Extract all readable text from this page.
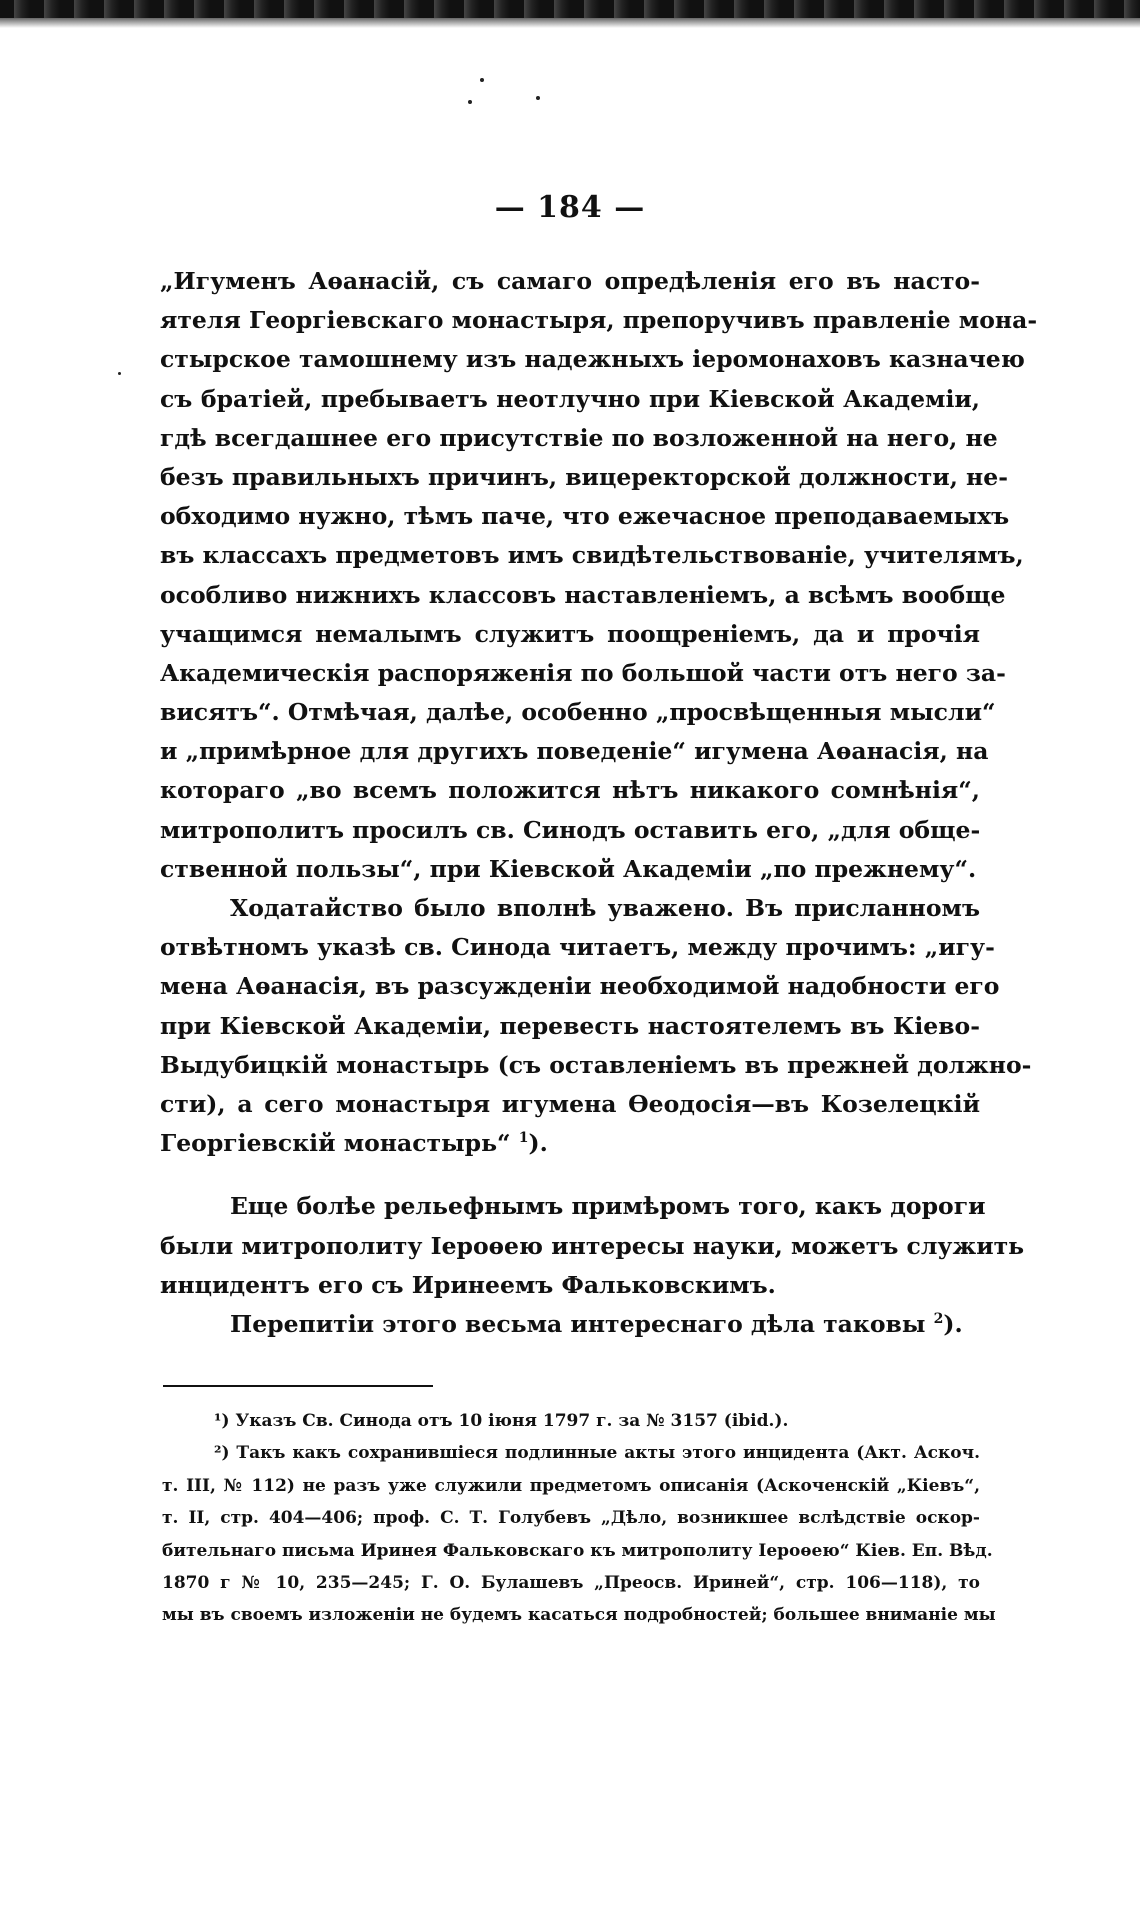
— 184 —
„Игуменъ Аѳанасій, съ самаго опредѣленія его въ насто-
ятеля Георгіевскаго монастыря, препоручивъ правленіе мона-
стырское тамошнему изъ надежныхъ іеромонаховъ казначею
съ братіей, пребываетъ неотлучно при Кіевской Академіи,
гдѣ всегдашнее его присутствіе по возложенной на него, не
безъ правильныхъ причинъ, вицеректорской должности, не-
обходимо нужно, тѣмъ паче, что ежечасное преподаваемыхъ
въ классахъ предметовъ имъ свидѣтельствованіе, учителямъ,
особливо нижнихъ классовъ наставленіемъ, а всѣмъ вообще
учащимся немалымъ служитъ поощреніемъ, да и прочія
Академическія распоряженія по большой части отъ него за-
висятъ“. Отмѣчая, далѣе, особенно „просвѣщенныя мысли“
и „примѣрное для другихъ поведеніе“ игумена Аѳанасія, на
котораго „во всемъ положится нѣтъ никакого сомнѣнія“,
митрополитъ просилъ св. Синодъ оставить его, „для обще-
ственной пользы“, при Кіевской Академіи „по прежнему“.
Ходатайство было вполнѣ уважено. Въ присланномъ
отвѣтномъ указѣ св. Синода читаетъ, между прочимъ: „игу-
мена Аѳанасія, въ разсужденіи необходимой надобности его
при Кіевской Академіи, перевесть настоятелемъ въ Кіево-
Выдубицкій монастырь (съ оставленіемъ въ прежней должно-
сти), а сего монастыря игумена Ѳеодосія—въ Козелецкій
Георгіевскій монастырь“ $^1$).
Еще болѣе рельефнымъ примѣромъ того, какъ дороги
были митрополиту Іероѳею интересы науки, можетъ служить
инцидентъ его съ Иринеемъ Фальковскимъ.
Перепитіи этого весьма интереснаго дѣла таковы $^2$).
¹) Указъ Св. Синода отъ 10 іюня 1797 г. за № 3157 (ibid.).
²) Такъ какъ сохранившіеся подлинные акты этого инцидента (Акт. Аскоч.
т. III, № 112) не разъ уже служили предметомъ описанія (Аскоченскій „Кіевъ“,
т. II, стр. 404—406; проф. С. Т. Голубевъ „Дѣло, возникшее вслѣдствіе оскор-
бительнаго письма Иринея Фальковскаго къ митрополиту Іероѳею“ Кіев. Еп. Вѣд.
1870 г № 10, 235—245; Г. О. Булашевъ „Преосв. Ириней“, стр. 106—118), то
мы въ своемъ изложеніи не будемъ касаться подробностей; большее вниманіе мы
